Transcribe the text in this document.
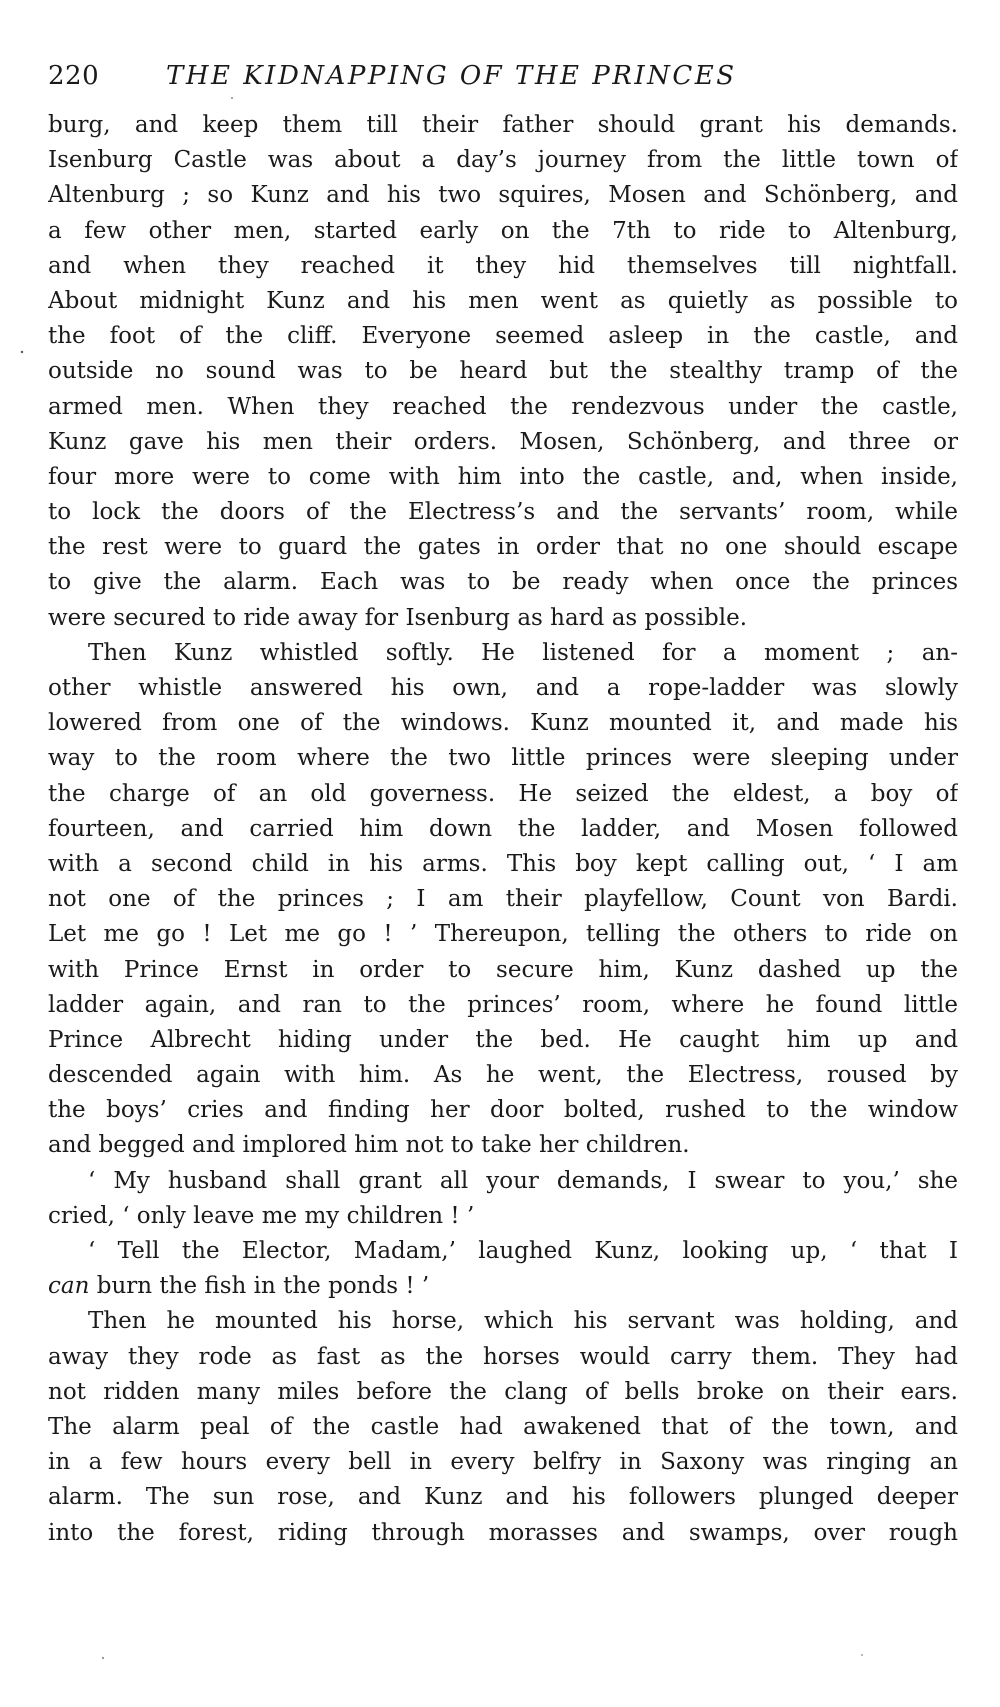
220	THE KIDNAPPING OF THE PRINCES
burg, and keep them till their father should grant his demands.
Isenburg Castle was about a day’s journey from the little town of
Altenburg ; so Kunz and his two squires, Mosen and Schönberg, and
a few other men, started early on the 7th to ride to Altenburg,
and when they reached it they hid themselves till nightfall.
About midnight Kunz and his men went as quietly as possible to
the foot of the cliff. Everyone seemed asleep in the castle, and
outside no sound was to be heard but the stealthy tramp of the
armed men. When they reached the rendezvous under the castle,
Kunz gave his men their orders. Mosen, Schönberg, and three or
four more were to come with him into the castle, and, when inside,
to lock the doors of the Electress’s and the servants’ room, while
the rest were to guard the gates in order that no one should escape
to give the alarm. Each was to be ready when once the princes
were secured to ride away for Isenburg as hard as possible.
Then Kunz whistled softly. He listened for a moment ; an-
other whistle answered his own, and a rope-ladder was slowly
lowered from one of the windows. Kunz mounted it, and made his
way to the room where the two little princes were sleeping under
the charge of an old governess. He seized the eldest, a boy of
fourteen, and carried him down the ladder, and Mosen followed
with a second child in his arms. This boy kept calling out, ‘ I am
not one of the princes ; I am their playfellow, Count von Bardi.
Let me go ! Let me go ! ’ Thereupon, telling the others to ride on
with Prince Ernst in order to secure him, Kunz dashed up the
ladder again, and ran to the princes’ room, where he found little
Prince Albrecht hiding under the bed. He caught him up and
descended again with him. As he went, the Electress, roused by
the boys’ cries and finding her door bolted, rushed to the window
and begged and implored him not to take her children.
‘ My husband shall grant all your demands, I swear to you,’ she
cried, ‘ only leave me my children ! ’
‘ Tell the Elector, Madam,’ laughed Kunz, looking up, ‘ that I
can burn the fish in the ponds ! ’
Then he mounted his horse, which his servant was holding, and
away they rode as fast as the horses would carry them. They had
not ridden many miles before the clang of bells broke on their ears.
The alarm peal of the castle had awakened that of the town, and
in a few hours every bell in every belfry in Saxony was ringing an
alarm. The sun rose, and Kunz and his followers plunged deeper
into the forest, riding through morasses and swamps, over rough
